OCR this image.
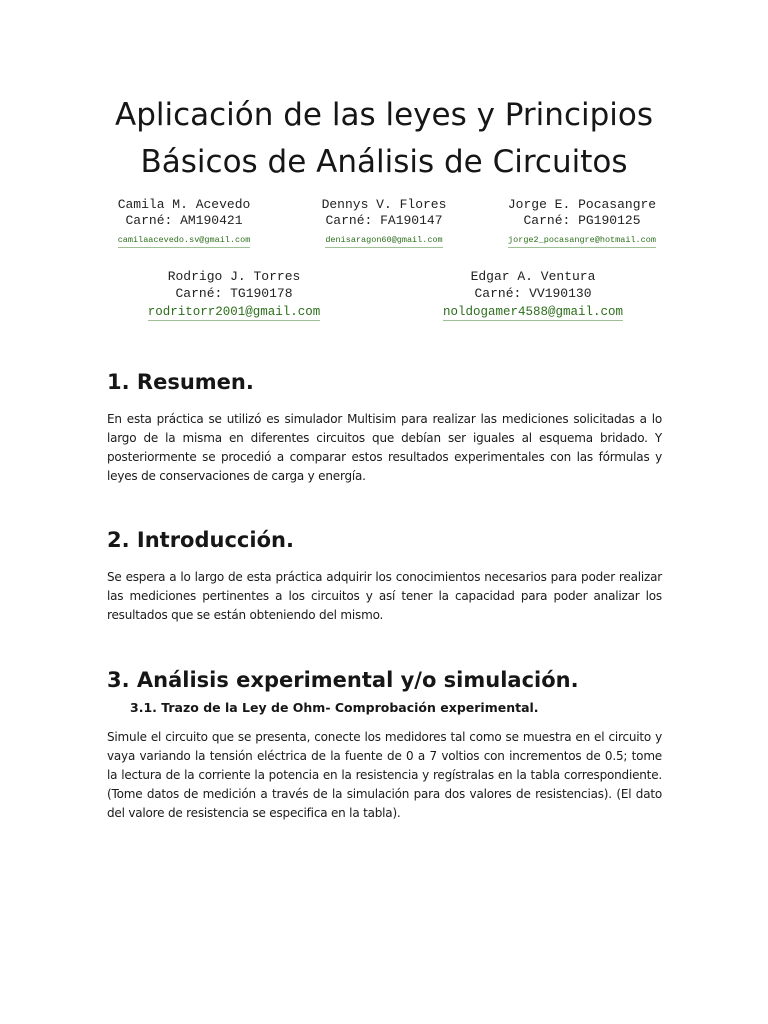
Aplicación de las leyes y Principios
Básicos de Análisis de Circuitos
Camila M. Acevedo
Carné: AM190421
camilaacevedo.sv@gmail.com
Dennys V. Flores
Carné: FA190147
denisaragon60@gmail.com
Jorge E. Pocasangre
Carné: PG190125
jorge2_pocasangre@hotmail.com
Rodrigo J. Torres
Carné: TG190178
rodritorr2001@gmail.com
Edgar A. Ventura
Carné: VV190130
noldogamer4588@gmail.com
1. Resumen.

En esta práctica se utilizó es simulador Multisim para realizar las mediciones solicitadas a lo largo de la misma en diferentes circuitos que debían ser iguales al esquema bridado. Y posteriormente se procedió a comparar estos resultados experimentales con las fórmulas y leyes de conservaciones de carga y energía.

2. Introducción.

Se espera a lo largo de esta práctica adquirir los conocimientos necesarios para poder realizar las mediciones pertinentes a los circuitos y así tener la capacidad para poder analizar los resultados que se están obteniendo del mismo.

3. Análisis experimental y/o simulación.
3.1. Trazo de la Ley de Ohm- Comprobación experimental.

Simule el circuito que se presenta, conecte los medidores tal como se muestra en el circuito y vaya variando la tensión eléctrica de la fuente de 0 a 7 voltios con incrementos de 0.5; tome la lectura de la corriente la potencia en la resistencia y regístralas en la tabla correspondiente. (Tome datos de medición a través de la simulación para dos valores de resistencias). (El dato del valore de resistencia se especifica en la tabla).
